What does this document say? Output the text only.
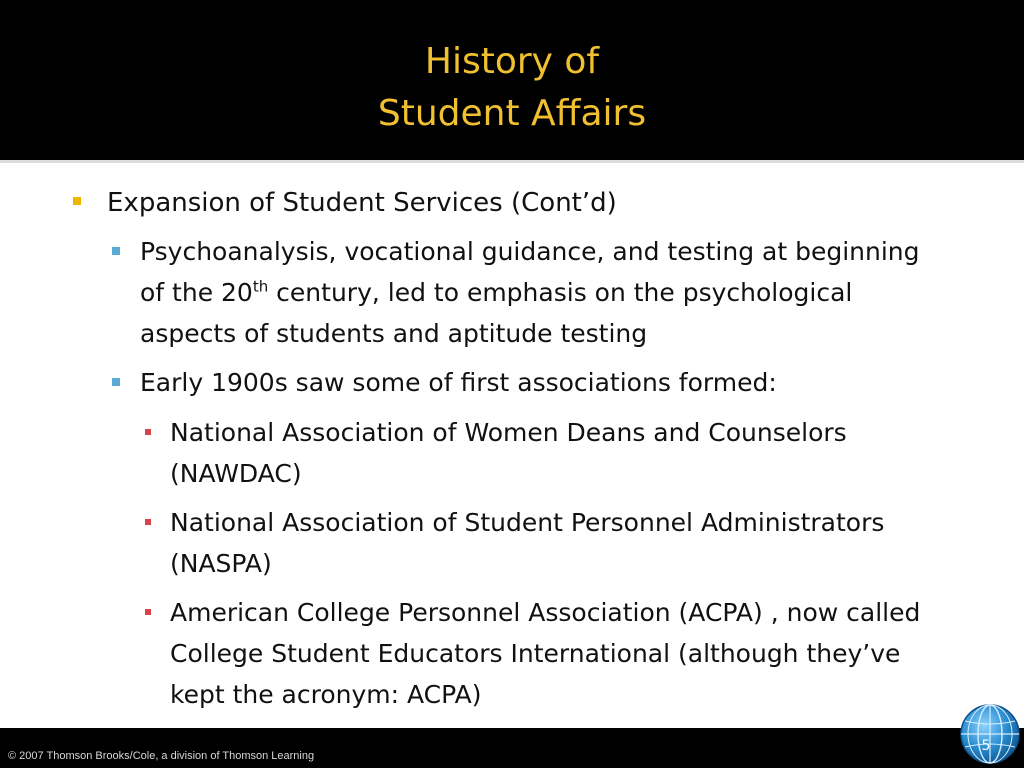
History of
Student Affairs
Expansion of Student Services (Cont’d)
Psychoanalysis, vocational guidance, and testing at beginning of the 20th century, led to emphasis on the psychological aspects of students and aptitude testing
Early 1900s saw some of first associations formed:
National Association of Women Deans and Counselors (NAWDAC)
National Association of Student Personnel Administrators (NASPA)
American College Personnel Association (ACPA) , now called College Student Educators International (although they’ve kept the acronym: ACPA)
© 2007 Thomson Brooks/Cole, a division of Thomson Learning
5
